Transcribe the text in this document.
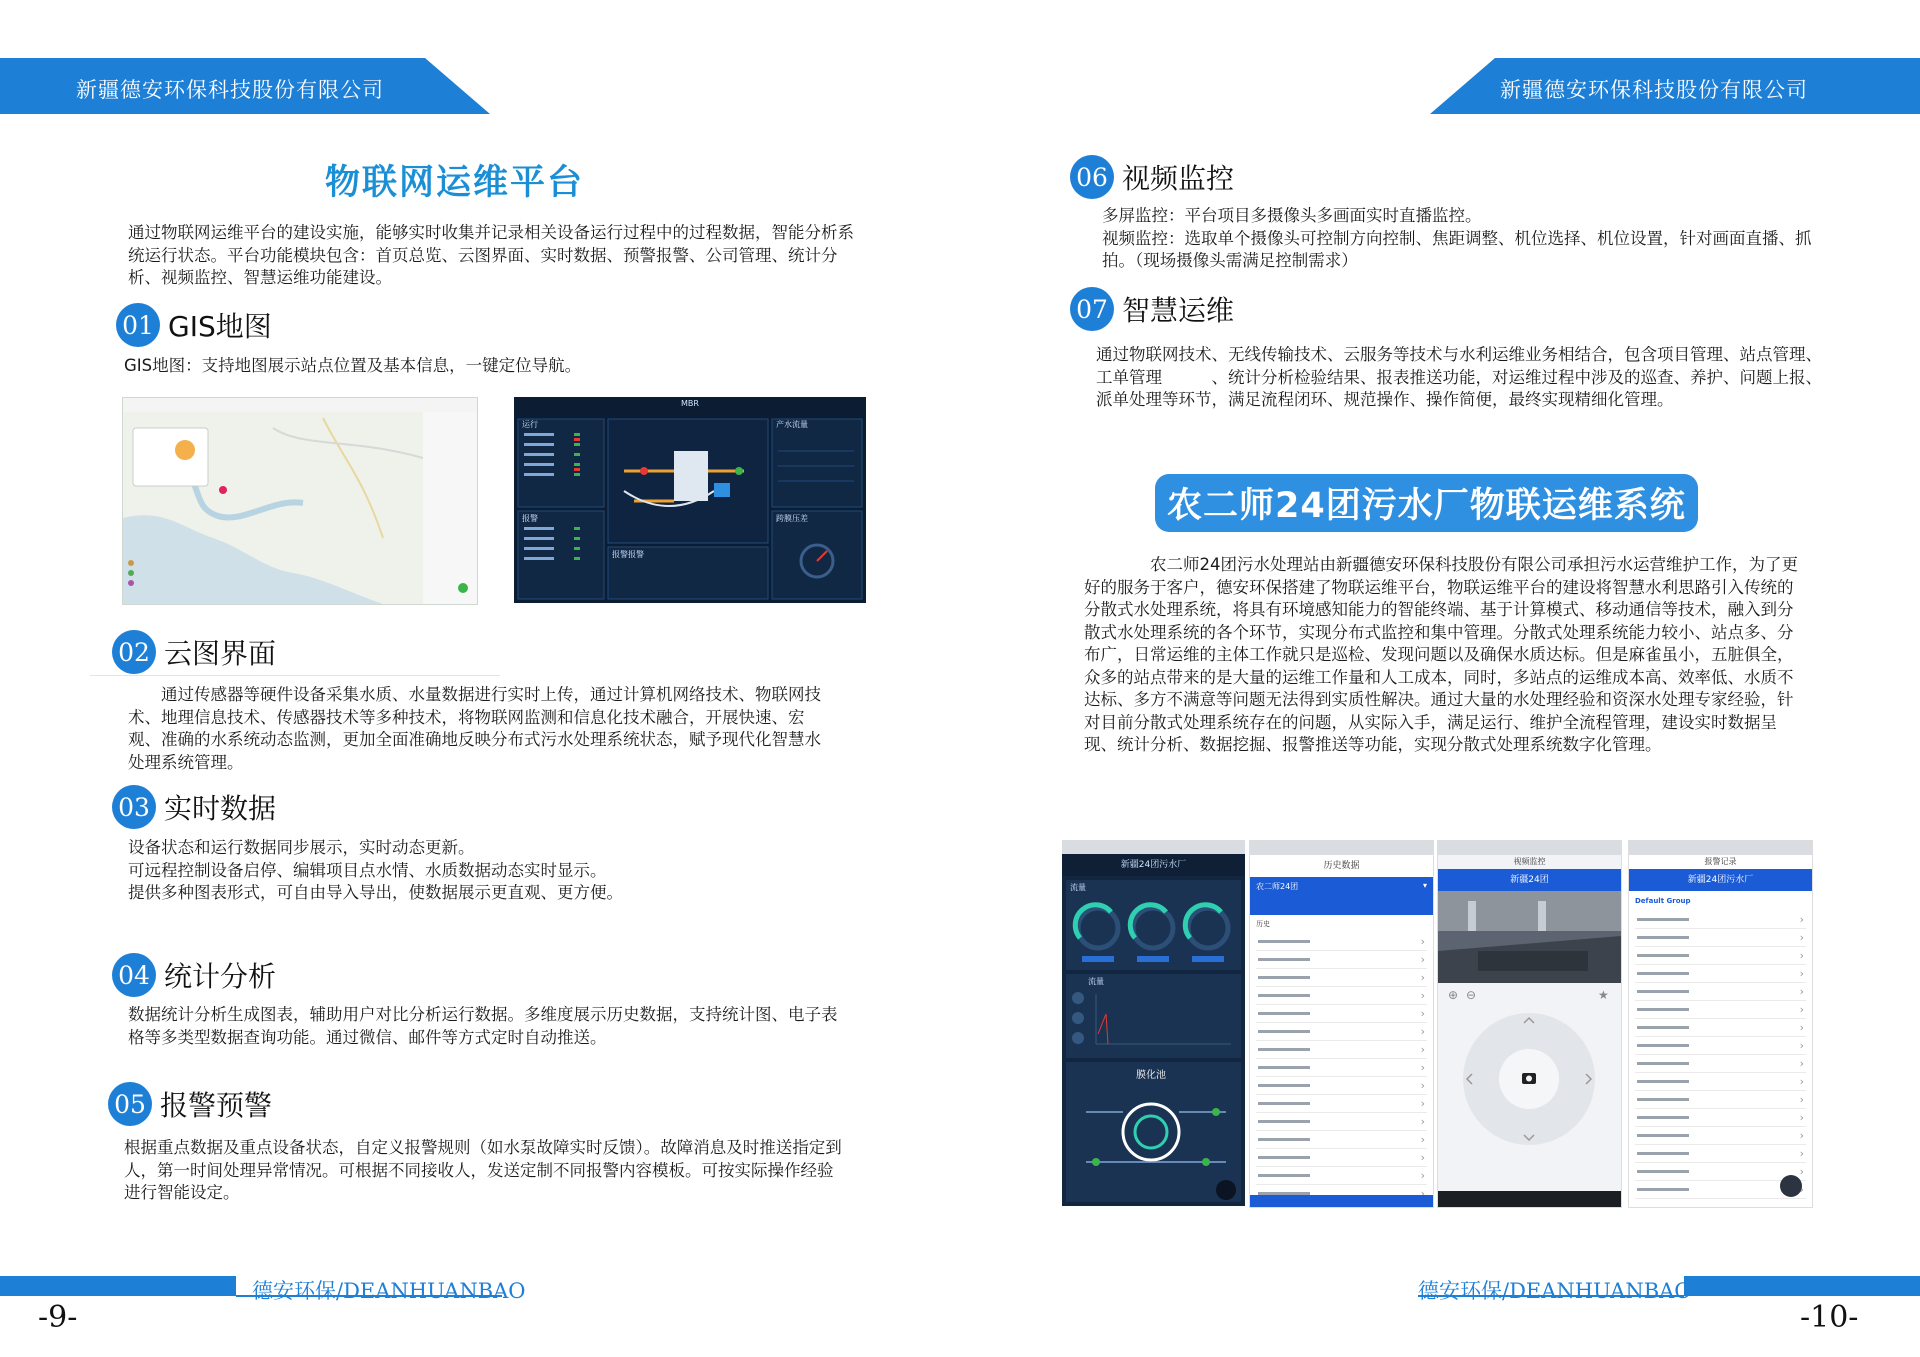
新疆德安环保科技股份有限公司	新疆德安环保科技股份有限公司
物联网运维平台
通过物联网运维平台的建设实施，能够实时收集并记录相关设备运行过程中的过程数据，智能分析系统运行状态。平台功能模块包含：首页总览、云图界面、实时数据、预警报警、公司管理、统计分析、视频监控、智慧运维功能建设。
01 GIS地图
GIS地图：支持地图展示站点位置及基本信息，一键定位导航。
MBR
运行	产水流量
报警	跨膜压差
报警报警
02 云图界面
通过传感器等硬件设备采集水质、水量数据进行实时上传，通过计算机网络技术、物联网技术、地理信息技术、传感器技术等多种技术，将物联网监测和信息化技术融合，开展快速、宏观、准确的水系统动态监测，更加全面准确地反映分布式污水处理系统状态，赋予现代化智慧水处理系统管理。
03 实时数据
设备状态和运行数据同步展示，实时动态更新。
可远程控制设备启停、编辑项目点水情、水质数据动态实时显示。
提供多种图表形式，可自由导入导出，使数据展示更直观、更方便。
04 统计分析
数据统计分析生成图表，辅助用户对比分析运行数据。多维度展示历史数据，支持统计图、电子表格等多类型数据查询功能。通过微信、邮件等方式定时自动推送。
05 报警预警
根据重点数据及重点设备状态，自定义报警规则（如水泵故障实时反馈）。故障消息及时推送指定到人，第一时间处理异常情况。可根据不同接收人，发送定制不同报警内容模板。可按实际操作经验进行智能设定。
德安环保/DEANHUANBAO
-9-
06 视频监控
多屏监控：平台项目多摄像头多画面实时直播监控。
视频监控：选取单个摄像头可控制方向控制、焦距调整、机位选择、机位设置，针对画面直播、抓拍。（现场摄像头需满足控制需求）
07 智慧运维
通过物联网技术、无线传输技术、云服务等技术与水利运维业务相结合，包含项目管理、站点管理、工单管理　　　、统计分析检验结果、报表推送功能，对运维过程中涉及的巡查、养护、问题上报、派单处理等环节，满足流程闭环、规范操作、操作简便，最终实现精细化管理。
农二师24团污水厂物联运维系统
农二师24团污水处理站由新疆德安环保科技股份有限公司承担污水运营维护工作，为了更好的服务于客户，德安环保搭建了物联运维平台，物联运维平台的建设将智慧水利思路引入传统的分散式水处理系统，将具有环境感知能力的智能终端、基于计算模式、移动通信等技术，融入到分散式水处理系统的各个环节，实现分布式监控和集中管理。分散式处理系统能力较小、站点多、分布广，日常运维的主体工作就只是巡检、发现问题以及确保水质达标。但是麻雀虽小，五脏俱全，众多的站点带来的是大量的运维工作量和人工成本，同时，多站点的运维成本高、效率低、水质不达标、多方不满意等问题无法得到实质性解决。通过大量的水处理经验和资深水处理专家经验，针对目前分散式处理系统存在的问题，从实际入手，满足运行、维护全流程管理，建设实时数据呈现、统计分析、数据挖掘、报警推送等功能，实现分散式处理系统数字化管理。
新疆24团污水厂
流量
流量
膜化池
历史数据
农二师24团	▾
历史
›
›
›
›
›
›
›
›
›
›
›
›
›
›
›
视频监控
新疆24团
⊕ ⊖	★
报警记录
新疆24团污水厂
Default Group
›
›
›
›
›
›
›
›
›
›
›
›
›
›
›
›
德安环保/DEANHUANBAO
-10-
